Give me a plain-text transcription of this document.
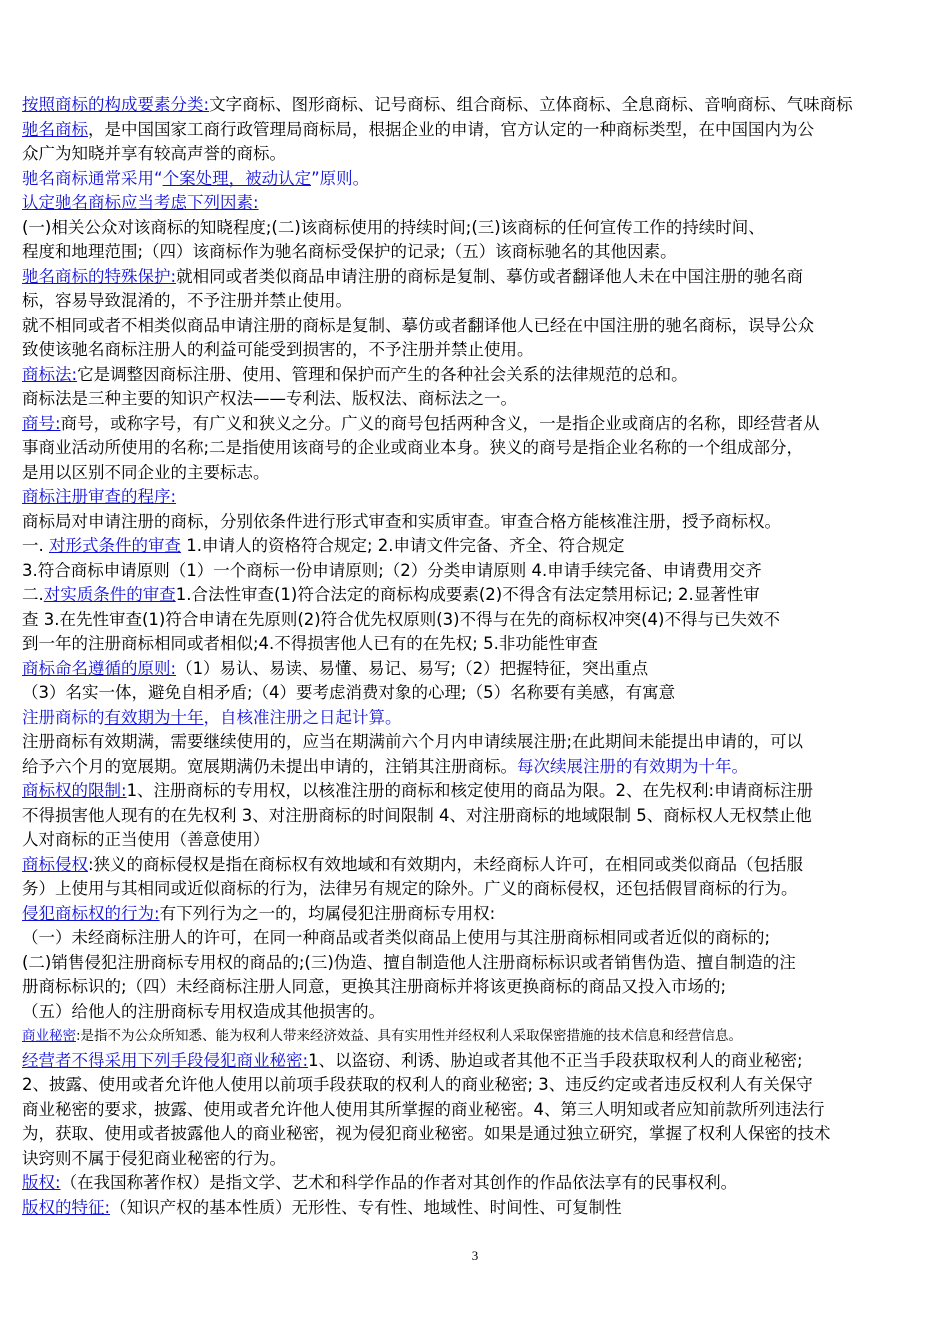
按照商标的构成要素分类:文字商标、图形商标、记号商标、组合商标、立体商标、全息商标、音响商标、气味商标
驰名商标，是中国国家工商行政管理局商标局，根据企业的申请，官方认定的一种商标类型，在中国国内为公
众广为知晓并享有较高声誉的商标。
驰名商标通常采用“个案处理，被动认定”原则。
认定驰名商标应当考虑下列因素:
(一)相关公众对该商标的知晓程度;(二)该商标使用的持续时间;(三)该商标的任何宣传工作的持续时间、
程度和地理范围;（四）该商标作为驰名商标受保护的记录;（五）该商标驰名的其他因素。
驰名商标的特殊保护:就相同或者类似商品申请注册的商标是复制、摹仿或者翻译他人未在中国注册的驰名商
标，容易导致混淆的，不予注册并禁止使用。
就不相同或者不相类似商品申请注册的商标是复制、摹仿或者翻译他人已经在中国注册的驰名商标，误导公众
致使该驰名商标注册人的利益可能受到损害的，不予注册并禁止使用。
商标法:它是调整因商标注册、使用、管理和保护而产生的各种社会关系的法律规范的总和。
商标法是三种主要的知识产权法——专利法、版权法、商标法之一。
商号:商号，或称字号，有广义和狭义之分。广义的商号包括两种含义，一是指企业或商店的名称，即经营者从
事商业活动所使用的名称;二是指使用该商号的企业或商业本身。狭义的商号是指企业名称的一个组成部分，
是用以区别不同企业的主要标志。
商标注册审查的程序:
商标局对申请注册的商标，分别依条件进行形式审查和实质审查。审查合格方能核准注册，授予商标权。
一. 对形式条件的审查 1.申请人的资格符合规定; 2.申请文件完备、齐全、符合规定
3.符合商标申请原则（1）一个商标一份申请原则;（2）分类申请原则 4.申请手续完备、申请费用交齐
二.对实质条件的审查1.合法性审查(1)符合法定的商标构成要素(2)不得含有法定禁用标记; 2.显著性审
查 3.在先性审查(1)符合申请在先原则(2)符合优先权原则(3)不得与在先的商标权冲突(4)不得与已失效不
到一年的注册商标相同或者相似;4.不得损害他人已有的在先权; 5.非功能性审查
商标命名遵循的原则:（1）易认、易读、易懂、易记、易写;（2）把握特征，突出重点
（3）名实一体，避免自相矛盾;（4）要考虑消费对象的心理;（5）名称要有美感，有寓意
注册商标的有效期为十年，自核准注册之日起计算。
注册商标有效期满，需要继续使用的，应当在期满前六个月内申请续展注册;在此期间未能提出申请的，可以
给予六个月的宽展期。宽展期满仍未提出申请的，注销其注册商标。每次续展注册的有效期为十年。
商标权的限制:1、注册商标的专用权，以核准注册的商标和核定使用的商品为限。2、在先权利:申请商标注册
不得损害他人现有的在先权利 3、对注册商标的时间限制 4、对注册商标的地域限制 5、商标权人无权禁止他
人对商标的正当使用（善意使用）
商标侵权:狭义的商标侵权是指在商标权有效地域和有效期内，未经商标人许可，在相同或类似商品（包括服
务）上使用与其相同或近似商标的行为，法律另有规定的除外。广义的商标侵权，还包括假冒商标的行为。
侵犯商标权的行为:有下列行为之一的，均属侵犯注册商标专用权:
（一）未经商标注册人的许可，在同一种商品或者类似商品上使用与其注册商标相同或者近似的商标的;
(二)销售侵犯注册商标专用权的商品的;(三)伪造、擅自制造他人注册商标标识或者销售伪造、擅自制造的注
册商标标识的;（四）未经商标注册人同意，更换其注册商标并将该更换商标的商品又投入市场的;
（五）给他人的注册商标专用权造成其他损害的。
商业秘密:是指不为公众所知悉、能为权利人带来经济效益、具有实用性并经权利人采取保密措施的技术信息和经营信息。
经营者不得采用下列手段侵犯商业秘密:1、以盗窃、利诱、胁迫或者其他不正当手段获取权利人的商业秘密;
2、披露、使用或者允许他人使用以前项手段获取的权利人的商业秘密; 3、违反约定或者违反权利人有关保守
商业秘密的要求，披露、使用或者允许他人使用其所掌握的商业秘密。4、第三人明知或者应知前款所列违法行
为，获取、使用或者披露他人的商业秘密，视为侵犯商业秘密。如果是通过独立研究，掌握了权利人保密的技术
诀窍则不属于侵犯商业秘密的行为。
版权:（在我国称著作权）是指文学、艺术和科学作品的作者对其创作的作品依法享有的民事权利。
版权的特征:（知识产权的基本性质）无形性、专有性、地域性、时间性、可复制性
3
